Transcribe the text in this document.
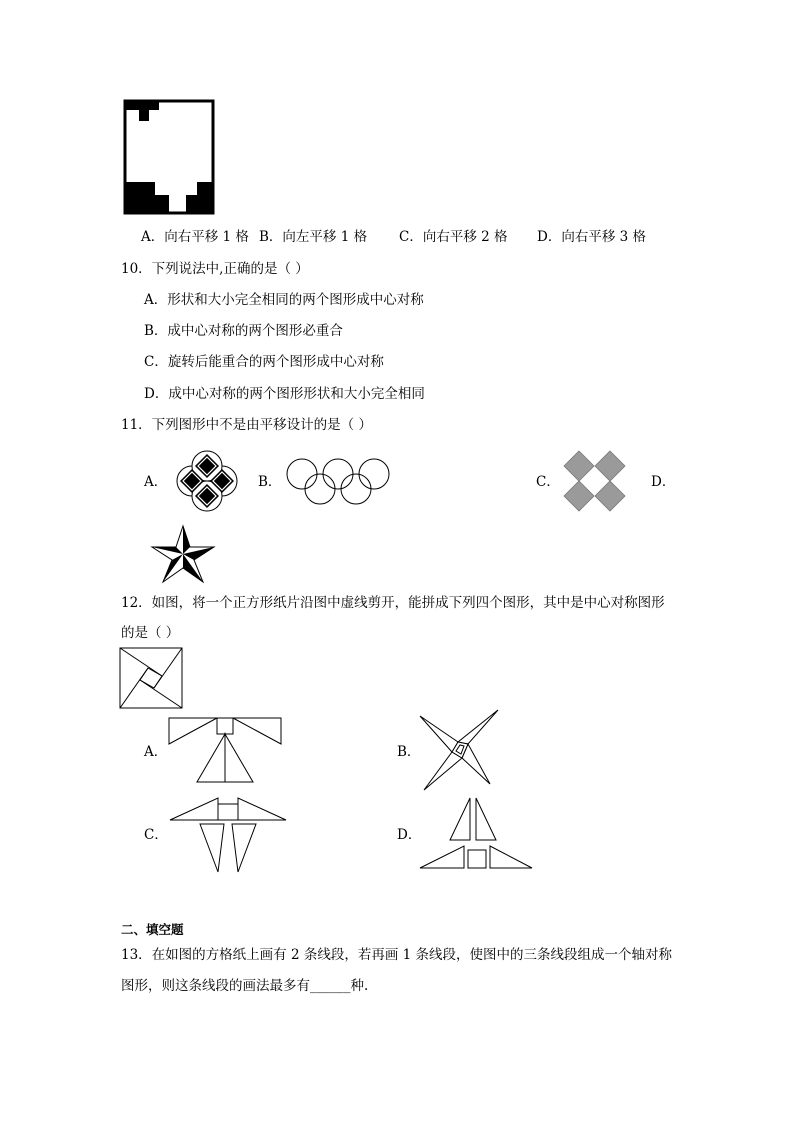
A．向右平移 1 格 B．向左平移 1 格 C．向右平移 2 格 D．向右平移 3 格
10．下列说法中,正确的是（ ）
A．形状和大小完全相同的两个图形成中心对称
B．成中心对称的两个图形必重合
C．旋转后能重合的两个图形成中心对称
D．成中心对称的两个图形形状和大小完全相同
11．下列图形中不是由平移设计的是（ ）
A．	B．	C．	D．
12．如图，将一个正方形纸片沿图中虚线剪开，能拼成下列四个图形，其中是中心对称图形
的是（ ）
A．	B．
C．	D．
二、填空题
13．在如图的方格纸上画有 2 条线段，若再画 1 条线段，使图中的三条线段组成一个轴对称
图形，则这条线段的画法最多有______种.
